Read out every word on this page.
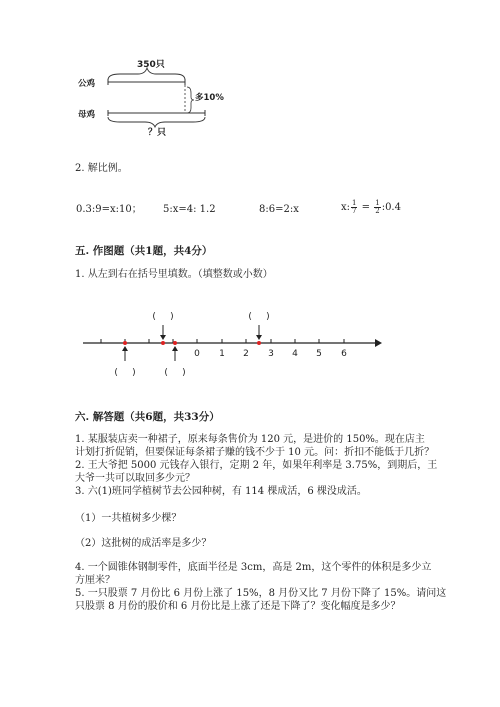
350只
公鸡
多10%
母鸡
？只
2. 解比例。
0.3:9=x:10； 5:x=4: 1.2	8:6=2:x	x: $\frac{1}{7} = \frac{1}{2}$ :0.4
五. 作图题（共1题，共4分）
1. 从左到右在括号里填数。（填整数或小数）
0 1 2 3 4 5 6
(     )	(     )
(     )	(     )
六. 解答题（共6题，共33分）
1. 某服装店卖一种裙子，原来每条售价为 120 元，是进价的 150%。现在店主
计划打折促销，但要保证每条裙子赚的钱不少于 10 元。问：折扣不能低于几折？
2. 王大爷把 5000 元钱存入银行，定期 2 年，如果年利率是 3.75%，到期后，王
大爷一共可以取回多少元？
3. 六(1)班同学植树节去公园种树，有 114 棵成活，6 棵没成活。
（1）一共植树多少棵？
（2）这批树的成活率是多少？
4. 一个圆锥体钢制零件，底面半径是 3cm，高是 2m，这个零件的体积是多少立
方厘米？
5. 一只股票 7 月份比 6 月份上涨了 15%，8 月份又比 7 月份下降了 15%。请问这
只股票 8 月份的股价和 6 月份比是上涨了还是下降了？变化幅度是多少？
